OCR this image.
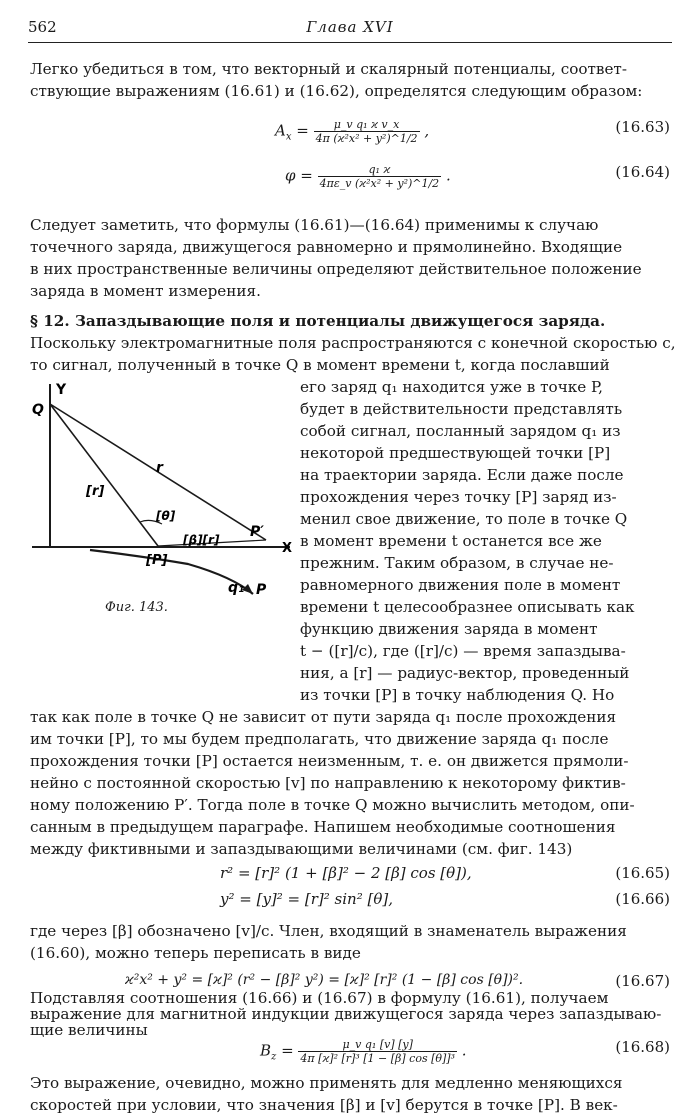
562	Глава XVI
Легко убедиться в том, что векторный и скалярный потенциалы, соответ-
ствующие выражениям (16.61) и (16.62), определятся следующим образом:
$A_x = \frac{\text{μ\_v q₁ ϰ v\_x}}{\text{4π (ϰ²x² + y²)\textasciicircum{}1/2}}$ ,	(16.63)
$\varphi = \frac{\text{q₁ ϰ}}{\text{4πε\_v (ϰ²x² + y²)\textasciicircum{}1/2}}$ .	(16.64)
Следует заметить, что формулы (16.61)—(16.64) применимы к случаю
точечного заряда, движущегося равномерно и прямолинейно. Входящие
в них пространственные величины определяют действительное положение
заряда в момент измерения.
§ 12. Запаздывающие поля и потенциалы движущегося заряда.
Поскольку электромагнитные поля распространяются с конечной скоростью c,
то сигнал, полученный в точке Q в момент времени t, когда пославший
его заряд q₁ находится уже в точке P,
будет в действительности представлять
собой сигнал, посланный зарядом q₁ из
некоторой предшествующей точки [P]
на траектории заряда. Если даже после
прохождения через точку [P] заряд из-
менил свое движение, то поле в точке Q
в момент времени t останется все же
прежним. Таким образом, в случае не-
равномерного движения поле в момент
времени t целесообразнее описывать как
функцию движения заряда в момент
t − ([r]/c), где ([r]/c) — время запаздыва-
ния, а [r] — радиус-вектор, проведенный
из точки [P] в точку наблюдения Q. Но
Y
Q
X
r
[r]
[θ]
[β][r] P′
[P]
q₁ P
Фиг. 143.
так как поле в точке Q не зависит от пути заряда q₁ после прохождения
им точки [P], то мы будем предполагать, что движение заряда q₁ после
прохождения точки [P] остается неизменным, т. е. он движется прямоли-
нейно с постоянной скоростью [v] по направлению к некоторому фиктив-
ному положению P′. Тогда поле в точке Q можно вычислить методом, опи-
санным в предыдущем параграфе. Напишем необходимые соотношения
между фиктивными и запаздывающими величинами (см. фиг. 143)
r² = [r]² (1 + [β]² − 2 [β] cos [θ]),	(16.65)
y² = [y]² = [r]² sin² [θ],	(16.66)
где через [β] обозначено [v]/c. Член, входящий в знаменатель выражения
(16.60), можно теперь переписать в виде
ϰ²x² + y² = [ϰ]² (r² − [β]² y²) = [ϰ]² [r]² (1 − [β] cos [θ])².	(16.67)
Подставляя соотношения (16.66) и (16.67) в формулу (16.61), получаем
выражение для магнитной индукции движущегося заряда через запаздываю-
щие величины
$B_z = \frac{\text{μ\_v q₁ [v] [y]}}{\text{4π [ϰ]² [r]³ [1 − [β] cos [θ]]³}}$ .	(16.68)
Это выражение, очевидно, можно применять для медленно меняющихся
скоростей при условии, что значения [β] и [v] берутся в точке [P]. В век-
